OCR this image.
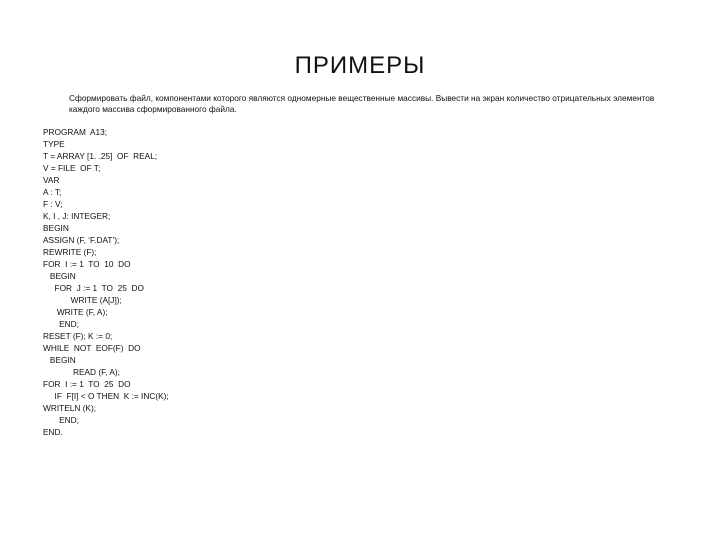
ПРИМЕРЫ
Сформировать файл, компонентами которого являются одномерные вещественные массивы. Вывести на экран количество отрицательных элементов каждого массива сформированного файла.
PROGRAM  A13;
TYPE
T = ARRAY [1. .25]  OF  REAL;
V = FILE  OF T;
VAR
A : T;
F : V;
K, I , J: INTEGER;
BEGIN
ASSIGN (F, ‘F.DAT’);
REWRITE (F);
FOR  I := 1  TO  10  DO
BEGIN
FOR  J := 1  TO  25  DO
WRITE (A[J]);
WRITE (F, A);
END;
RESET (F); K := 0;
WHILE  NOT  EOF(F)  DO
BEGIN
READ (F, A);
FOR  I := 1  TO  25  DO
IF  F[I] < O THEN  K := INC(K);
WRITELN (K);
END;
END.
